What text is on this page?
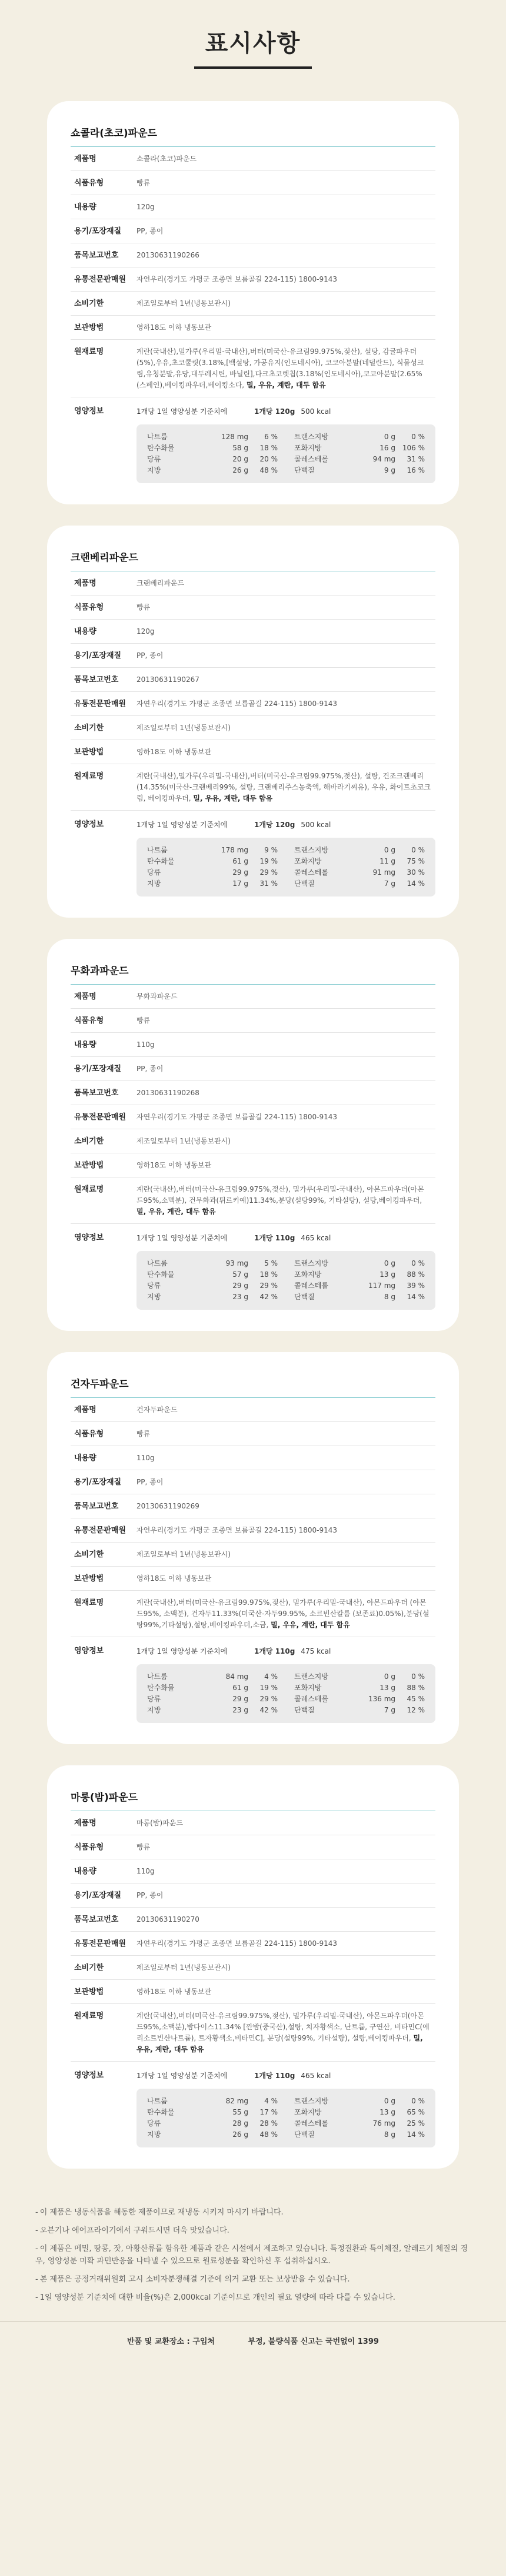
표시사항
쇼콜라(초코)파운드
제품명	쇼콜라(초코)파운드
식품유형	빵류
내용량	120g
용기/포장재질	PP, 종이
품목보고번호	20130631190266
유통전문판매원	자연우리(경기도 가평군 조종면 보릅골길 224-115) 1800-9143
소비기한	제조일로부터 1년(냉동보관시)
보관방법	영하18도 이하 냉동보관
원재료명	계란(국내산),밀가루(우리밀-국내산),버터(미국산-유크림99.975%,젖산), 설탕, 감귤파우더(5%),우유,초코쿨릿(3.18%,[백설탕, 가공유지(인도네시아), 코코아분말(네덜란드), 식물성크림,유청분말,유당,대두레시틴, 바닐린],다크초코렛칩(3.18%(인도네시아),코코아분말(2.65%(스페인),베이킹파우더,베이킹소다, 밀, 우유, 계란, 대두 함유
영양정보	1개당 1일 영양성분 기준치에	1개당 120g 500 kcal
나트륨	128 mg	6 %
탄수화물	58 g	18 %
당류	20 g	20 %
지방	26 g	48 %
트랜스지방	0 g	0 %
포화지방	16 g 106 %
콜레스테롤	94 mg	31 %
단백질	9 g	16 %
크랜베리파운드
제품명	크랜베리파운드
식품유형	빵류
내용량	120g
용기/포장재질	PP, 종이
품목보고번호	20130631190267
유통전문판매원	자연우리(경기도 가평군 조종면 보릅골길 224-115) 1800-9143
소비기한	제조일로부터 1년(냉동보관시)
보관방법	영하18도 이하 냉동보관
원재료명	계란(국내산),밀가루(우리밀-국내산),버터(미국산-유크림99.975%,젖산), 설탕, 건조크랜베리(14.35%(미국산-크랜베리99%, 설탕, 크랜베리주스농축액, 해바라기씨유), 우유, 화이트초코크림, 베이킹파우더, 밀, 우유, 계란, 대두 함유
영양정보	1개당 1일 영양성분 기준치에	1개당 120g 500 kcal
나트륨	178 mg	9 %
탄수화물	61 g	19 %
당류	29 g	29 %
지방	17 g	31 %
트랜스지방	0 g	0 %
포화지방	11 g	75 %
콜레스테롤	91 mg	30 %
단백질	7 g	14 %
무화과파운드
제품명	무화과파운드
식품유형	빵류
내용량	110g
용기/포장재질	PP, 종이
품목보고번호	20130631190268
유통전문판매원	자연우리(경기도 가평군 조종면 보릅골길 224-115) 1800-9143
소비기한	제조일로부터 1년(냉동보관시)
보관방법	영하18도 이하 냉동보관
원재료명	계란(국내산),버터(미국산-유크림99.975%,젖산), 밀가루(우리밀-국내산), 아몬드파우더(아몬드95%,소맥분), 건무화과(튀르키예)11.34%,분당(설탕99%, 기타설탕), 설탕,베이킹파우더, 밀, 우유, 계란, 대두 함유
영양정보	1개당 1일 영양성분 기준치에	1개당 110g 465 kcal
나트륨	93 mg	5 %
탄수화물	57 g	18 %
당류	29 g	29 %
지방	23 g	42 %
트랜스지방	0 g	0 %
포화지방	13 g	88 %
콜레스테롤	117 mg	39 %
단백질	8 g	14 %
건자두파운드
제품명	건자두파운드
식품유형	빵류
내용량	110g
용기/포장재질	PP, 종이
품목보고번호	20130631190269
유통전문판매원	자연우리(경기도 가평군 조종면 보릅골길 224-115) 1800-9143
소비기한	제조일로부터 1년(냉동보관시)
보관방법	영하18도 이하 냉동보관
원재료명	계란(국내산),버터(미국산-유크림99.975%,젖산), 밀가루(우리밀-국내산), 아몬드파우더 (아몬드95%, 소맥분), 건자두11.33%(미국산-자두99.95%, 소르빈산칼륨 (보존료)0.05%),분당(설탕99%,기타설탕),설탕,베이킹파우더,소금, 밀, 우유, 계란, 대두 함유
영양정보	1개당 1일 영양성분 기준치에	1개당 110g 475 kcal
나트륨	84 mg	4 %
탄수화물	61 g	19 %
당류	29 g	29 %
지방	23 g	42 %
트랜스지방	0 g	0 %
포화지방	13 g	88 %
콜레스테롤	136 mg	45 %
단백질	7 g	12 %
마롱(밤)파운드
제품명	마롱(밤)파운드
식품유형	빵류
내용량	110g
용기/포장재질	PP, 종이
품목보고번호	20130631190270
유통전문판매원	자연우리(경기도 가평군 조종면 보릅골길 224-115) 1800-9143
소비기한	제조일로부터 1년(냉동보관시)
보관방법	영하18도 이하 냉동보관
원재료명	계란(국내산),버터(미국산-유크림99.975%,젖산), 밀가루(우리밀-국내산), 아몬드파우더(아몬드95%,소맥분),밤다이스11.34% [깐밤(중국산),설탕, 치자황색소, 난트륨, 구연산, 비타민C(에리소르빈산나트륨), 트자황색소,비타민C], 분당(설탕99%, 기타설탕), 설탕,베이킹파우더, 밀, 우유, 계란, 대두 함유
영양정보	1개당 1일 영양성분 기준치에	1개당 110g 465 kcal
나트륨	82 mg	4 %
탄수화물	55 g	17 %
당류	28 g	28 %
지방	26 g	48 %
트랜스지방	0 g	0 %
포화지방	13 g	65 %
콜레스테롤	76 mg	25 %
단백질	8 g	14 %
- 이 제품은 냉동식품을 해동한 제품이므로 재냉동 시키지 마시기 바랍니다.
- 오븐기나 에어프라이기에서 구워드시면 더욱 맛있습니다.
- 이 제품은 메밀, 땅콩, 잣, 아황산류를 함유한 제품과 같은 시설에서 제조하고 있습니다. 특정질환과 특이체질, 알레르기 체질의 경우, 영양성분 미확 과민반응을 나타낼 수 있으므로 원료성분을 확인하신 후 섭취하십시오.
- 본 제품은 공정거래위원회 고시 소비자분쟁해결 기준에 의거 교환 또는 보상받을 수 있습니다.
- 1일 영양성분 기준치에 대한 비율(%)은 2,000kcal 기준이므로 개인의 필요 열량에 따라 다를 수 있습니다.
반품 및 교환장소 : 구입처	부정, 불량식품 신고는 국번없이 1399
